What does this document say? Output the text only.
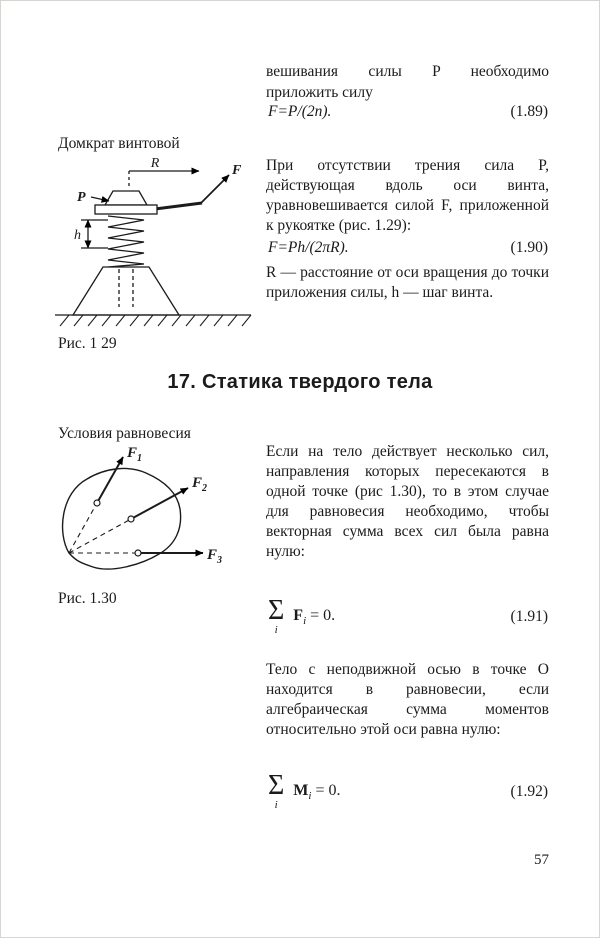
вешивания силы P необходимо
приложить силу
F=P/(2n).	(1.89)
Домкрат винтовой
R	F
P
h
Рис. 1 29
При отсутствии трения сила P, действующая вдоль оси винта, уравновешивается силой F, приложенной к рукоятке (рис. 1.29):
F=Ph/(2πR).	(1.90)
R — расстояние от оси вращения до точки приложения силы, h — шаг винта.
17. Статика твердого тела
Условия равновесия
$F_1$
$F_2$
$F_3$
Рис. 1.30
Если на тело действует несколько сил, направления которых пересекаются в одной точке (рис 1.30), то в этом случае для равновесия необходимо, чтобы векторная сумма всех сил была равна нулю:
Σ
i
$F_i = 0$.	(1.91)
Тело с неподвижной осью в точке O находится в равновесии, если алгебраическая сумма моментов относительно этой оси равна нулю:
Σ
i
$M_i = 0$.	(1.92)
57
